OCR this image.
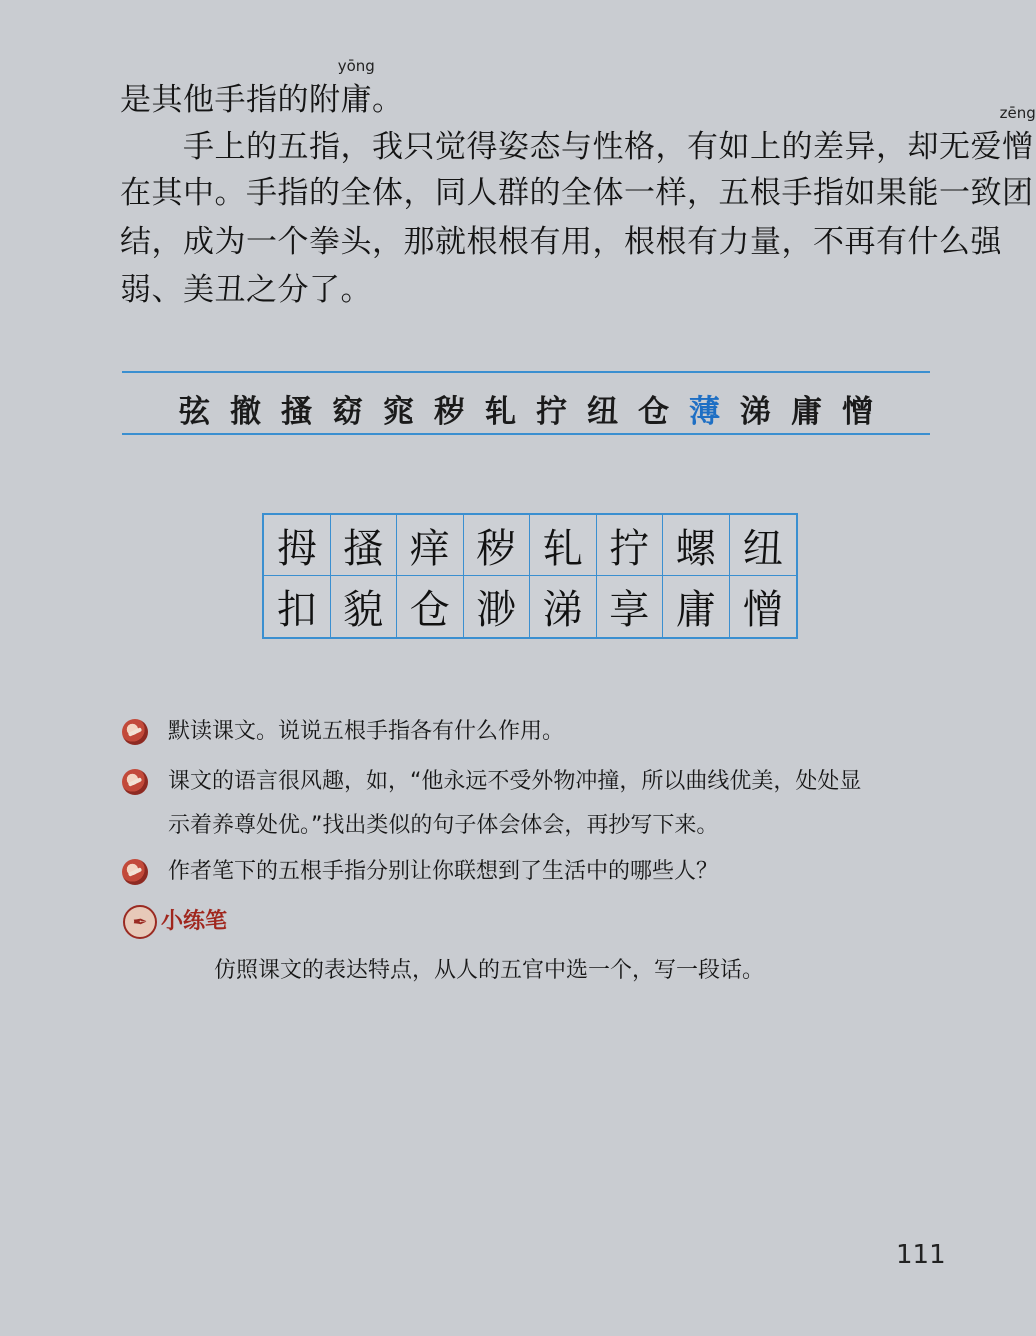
是其他手指的附
yōng
庸。
　　手上的五指，我只觉得姿态与性格，有如上的差异，却无爱
zēng
憎
在其中。手指的全体，同人群的全体一样，五根手指如果能一致团
结，成为一个拳头，那就根根有用，根根有力量，不再有什么强
弱、美丑之分了。
弦 撤 搔 窈 窕 秽 轧 拧 纽 仓 薄 涕 庸 憎
拇 搔 痒 秽 轧 拧 螺 纽
扣 貌 仓 渺 涕 享 庸 憎
默读课文。说说五根手指各有什么作用。
课文的语言很风趣，如，“他永远不受外物冲撞，所以曲线优美，处处显
示着养尊处优。”找出类似的句子体会体会，再抄写下来。
作者笔下的五根手指分别让你联想到了生活中的哪些人？
✒ 小练笔
仿照课文的表达特点，从人的五官中选一个，写一段话。
111
